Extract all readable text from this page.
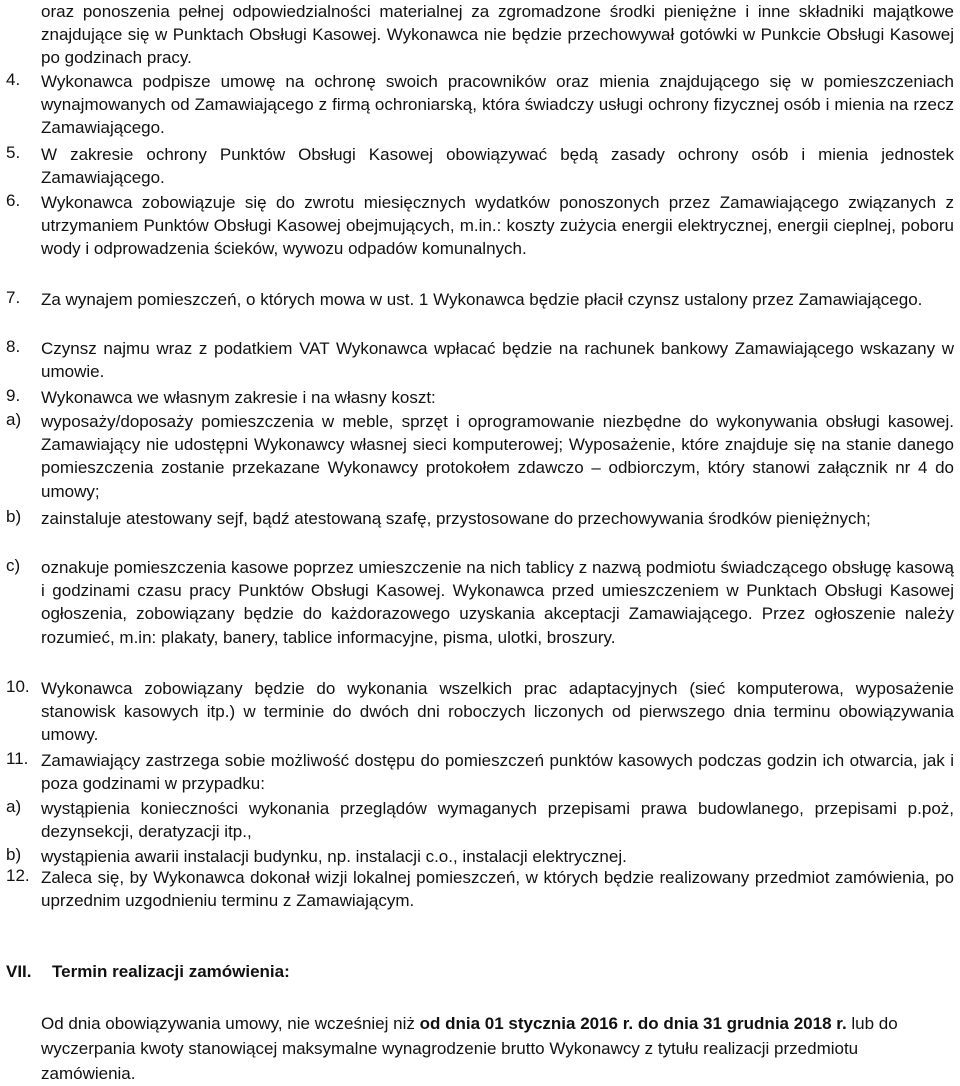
oraz ponoszenia pełnej odpowiedzialności materialnej za zgromadzone środki pieniężne i inne składniki majątkowe znajdujące się w Punktach Obsługi Kasowej. Wykonawca nie będzie przechowywał gotówki w Punkcie Obsługi Kasowej po godzinach pracy.
4. Wykonawca podpisze umowę na ochronę swoich pracowników oraz mienia znajdującego się w pomieszczeniach wynajmowanych od Zamawiającego z firmą ochroniarską, która świadczy usługi ochrony fizycznej osób i mienia na rzecz Zamawiającego.
5. W zakresie ochrony Punktów Obsługi Kasowej obowiązywać będą zasady ochrony osób i mienia jednostek Zamawiającego.
6. Wykonawca zobowiązuje się do zwrotu miesięcznych wydatków ponoszonych przez Zamawiającego związanych z utrzymaniem Punktów Obsługi Kasowej obejmujących, m.in.: koszty zużycia energii elektrycznej, energii cieplnej, poboru wody i odprowadzenia ścieków, wywozu odpadów komunalnych.
7. Za wynajem pomieszczeń, o których mowa w ust. 1 Wykonawca będzie płacił czynsz ustalony przez Zamawiającego.
8. Czynsz najmu wraz z podatkiem VAT Wykonawca wpłacać będzie na rachunek bankowy Zamawiającego wskazany w umowie.
9. Wykonawca we własnym zakresie i na własny koszt:
a) wyposaży/doposaży pomieszczenia w meble, sprzęt i oprogramowanie niezbędne do wykonywania obsługi kasowej. Zamawiający nie udostępni Wykonawcy własnej sieci komputerowej; Wyposażenie, które znajduje się na stanie danego pomieszczenia zostanie przekazane Wykonawcy protokołem zdawczo – odbiorczym, który stanowi załącznik nr 4 do umowy;
b) zainstaluje atestowany sejf, bądź atestowaną szafę, przystosowane do przechowywania środków pieniężnych;
c) oznakuje pomieszczenia kasowe poprzez umieszczenie na nich tablicy z nazwą podmiotu świadczącego obsługę kasową i godzinami czasu pracy Punktów Obsługi Kasowej. Wykonawca przed umieszczeniem w Punktach Obsługi Kasowej ogłoszenia, zobowiązany będzie do każdorazowego uzyskania akceptacji Zamawiającego. Przez ogłoszenie należy rozumieć, m.in: plakaty, banery, tablice informacyjne, pisma, ulotki, broszury.
10. Wykonawca zobowiązany będzie do wykonania wszelkich prac adaptacyjnych (sieć komputerowa, wyposażenie stanowisk kasowych itp.) w terminie do dwóch dni roboczych liczonych od pierwszego dnia terminu obowiązywania umowy.
11. Zamawiający zastrzega sobie możliwość dostępu do pomieszczeń punktów kasowych podczas godzin ich otwarcia, jak i poza godzinami w przypadku:
a) wystąpienia konieczności wykonania przeglądów wymaganych przepisami prawa budowlanego, przepisami p.poż, dezynsekcji, deratyzacji itp.,
b) wystąpienia awarii instalacji budynku, np. instalacji c.o., instalacji elektrycznej.
12. Zaleca się, by Wykonawca dokonał wizji lokalnej pomieszczeń, w których będzie realizowany przedmiot zamówienia, po uprzednim uzgodnieniu terminu z Zamawiającym.
VII. Termin realizacji zamówienia:
Od dnia obowiązywania umowy, nie wcześniej niż od dnia 01 stycznia 2016 r. do dnia 31 grudnia 2018 r. lub do wyczerpania kwoty stanowiącej maksymalne wynagrodzenie brutto Wykonawcy z tytułu realizacji przedmiotu zamówienia.
